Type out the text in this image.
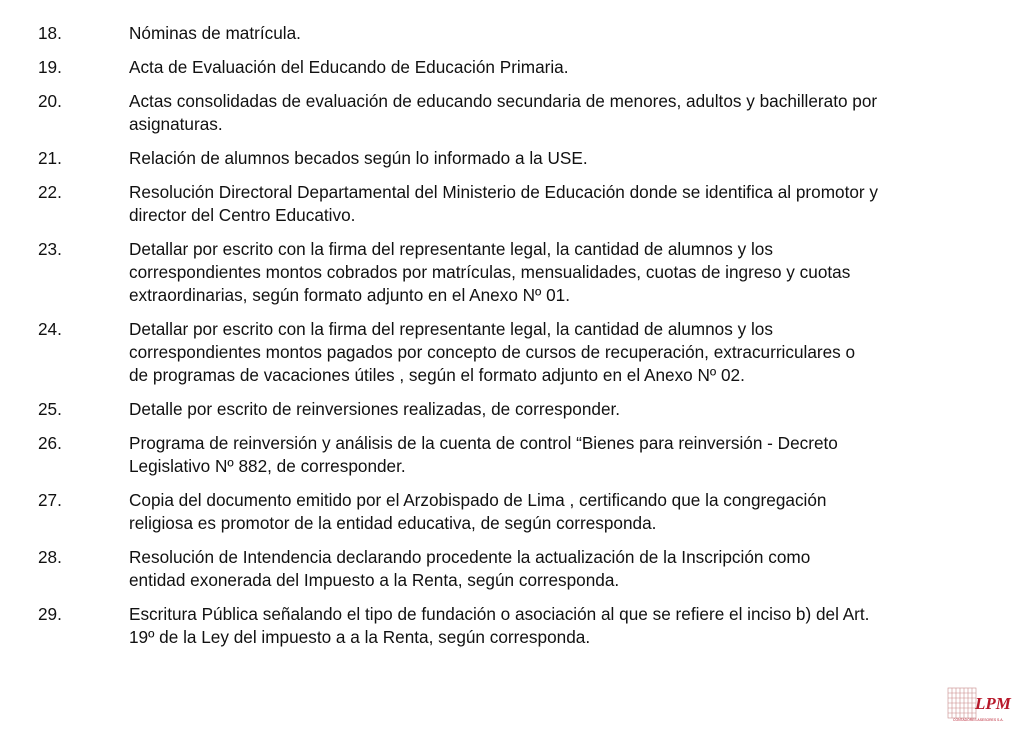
18.	Nóminas de matrícula.
19.	Acta de Evaluación del Educando de Educación Primaria.
20.	Actas consolidadas de evaluación de educando secundaria de menores, adultos y bachillerato por
asignaturas.
21.	Relación de alumnos becados según lo informado a la USE.
22.	Resolución Directoral Departamental del Ministerio de Educación donde se identifica al promotor y
director del Centro Educativo.
23.	Detallar por escrito con la firma del representante legal, la cantidad de alumnos y los
correspondientes montos cobrados por matrículas, mensualidades, cuotas de ingreso y cuotas
extraordinarias, según formato adjunto en el Anexo Nº 01.
24.	Detallar por escrito con la firma del representante legal, la cantidad de alumnos y los
correspondientes montos pagados por concepto de cursos de recuperación, extracurriculares o
de programas de vacaciones útiles , según el formato adjunto en el Anexo Nº 02.
25.	Detalle por escrito de reinversiones realizadas, de corresponder.
26.	Programa de reinversión y análisis de la cuenta de control “Bienes para reinversión - Decreto
Legislativo Nº 882, de corresponder.
27.	Copia del documento emitido por el Arzobispado de Lima , certificando que la congregación
religiosa es promotor de la entidad educativa, de según corresponda.
28.	Resolución de Intendencia declarando procedente la actualización de la Inscripción como
entidad exonerada del Impuesto a la Renta, según corresponda.
29.	Escritura Pública señalando el tipo de fundación o asociación al que se refiere el inciso b) del Art.
19º de la Ley del impuesto a a la Renta, según corresponda.
LPM
CONTADORES ASESORES S.A.
